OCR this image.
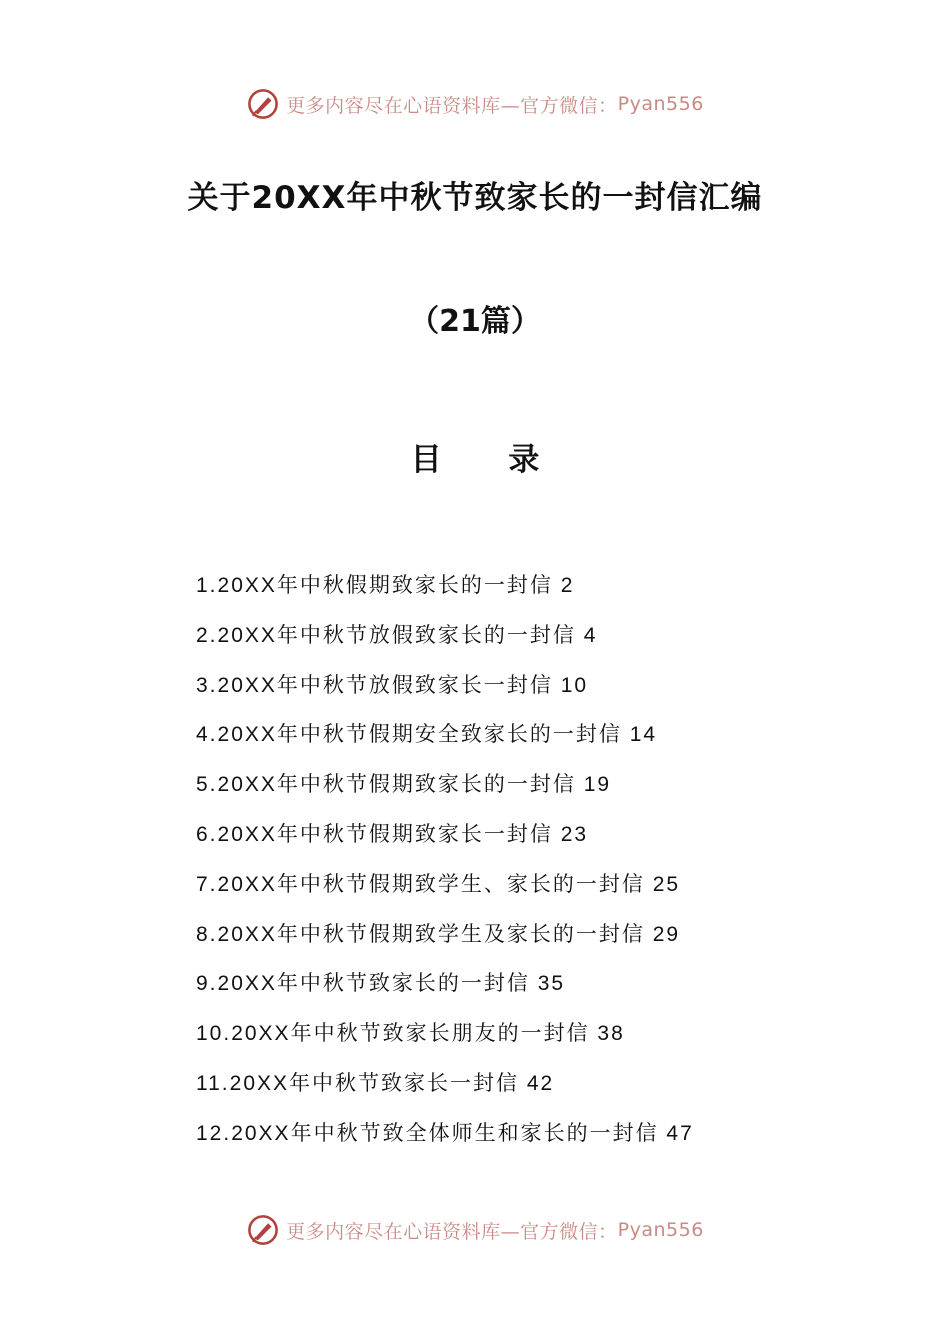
更多内容尽在心语资料库—官方微信： Pyan556
关于20XX年中秋节致家长的一封信汇编
（21篇）
目 录
1.20XX年中秋假期致家长的一封信 2
2.20XX年中秋节放假致家长的一封信 4
3.20XX年中秋节放假致家长一封信 10
4.20XX年中秋节假期安全致家长的一封信 14
5.20XX年中秋节假期致家长的一封信 19
6.20XX年中秋节假期致家长一封信 23
7.20XX年中秋节假期致学生、家长的一封信 25
8.20XX年中秋节假期致学生及家长的一封信 29
9.20XX年中秋节致家长的一封信 35
10.20XX年中秋节致家长朋友的一封信 38
11.20XX年中秋节致家长一封信 42
12.20XX年中秋节致全体师生和家长的一封信 47
更多内容尽在心语资料库—官方微信： Pyan556
